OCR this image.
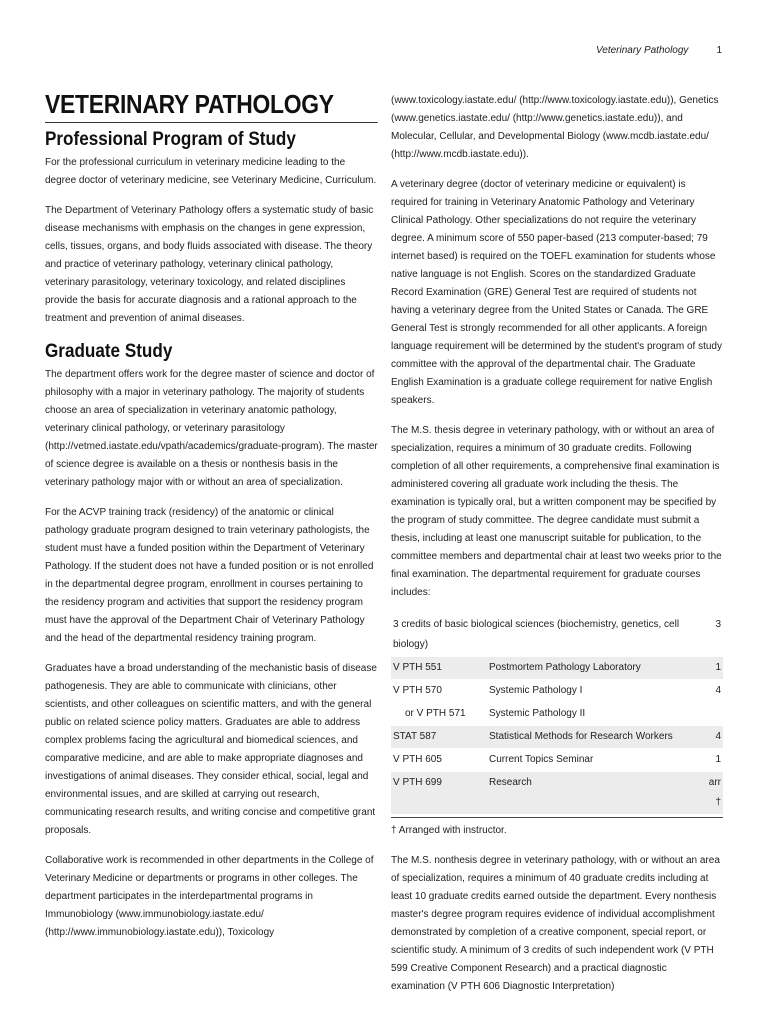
Veterinary Pathology	1
VETERINARY PATHOLOGY
Professional Program of Study

For the professional curriculum in veterinary medicine leading to the degree doctor of veterinary medicine, see Veterinary Medicine, Curriculum.

The Department of Veterinary Pathology offers a systematic study of basic disease mechanisms with emphasis on the changes in gene expression, cells, tissues, organs, and body fluids associated with disease. The theory and practice of veterinary pathology, veterinary clinical pathology, veterinary parasitology, veterinary toxicology, and related disciplines provide the basis for accurate diagnosis and a rational approach to the treatment and prevention of animal diseases.

Graduate Study

The department offers work for the degree master of science and doctor of philosophy with a major in veterinary pathology. The majority of students choose an area of specialization in veterinary anatomic pathology, veterinary clinical pathology, or veterinary parasitology (http://vetmed.iastate.edu/vpath/academics/graduate-program). The master of science degree is available on a thesis or nonthesis basis in the veterinary pathology major with or without an area of specialization.

For the ACVP training track (residency) of the anatomic or clinical pathology graduate program designed to train veterinary pathologists, the student must have a funded position within the Department of Veterinary Pathology. If the student does not have a funded position or is not enrolled in the departmental degree program, enrollment in courses pertaining to the residency program and activities that support the residency program must have the approval of the Department Chair of Veterinary Pathology and the head of the departmental residency training program.

Graduates have a broad understanding of the mechanistic basis of disease pathogenesis. They are able to communicate with clinicians, other scientists, and other colleagues on scientific matters, and with the general public on related science policy matters. Graduates are able to address complex problems facing the agricultural and biomedical sciences, and comparative medicine, and are able to make appropriate diagnoses and investigations of animal diseases. They consider ethical, social, legal and environmental issues, and are skilled at carrying out research, communicating research results, and writing concise and competitive grant proposals.

Collaborative work is recommended in other departments in the College of Veterinary Medicine or departments or programs in other colleges. The department participates in the interdepartmental programs in Immunobiology (www.immunobiology.iastate.edu/ (http://www.immunobiology.iastate.edu)), Toxicology

(www.toxicology.iastate.edu/ (http://www.toxicology.iastate.edu)), Genetics (www.genetics.iastate.edu/ (http://www.genetics.iastate.edu)), and Molecular, Cellular, and Developmental Biology (www.mcdb.iastate.edu/ (http://www.mcdb.iastate.edu)).

A veterinary degree (doctor of veterinary medicine or equivalent) is required for training in Veterinary Anatomic Pathology and Veterinary Clinical Pathology. Other specializations do not require the veterinary degree. A minimum score of 550 paper-based (213 computer-based; 79 internet based) is required on the TOEFL examination for students whose native language is not English. Scores on the standardized Graduate Record Examination (GRE) General Test are required of students not having a veterinary degree from the United States or Canada. The GRE General Test is strongly recommended for all other applicants. A foreign language requirement will be determined by the student's program of study committee with the approval of the departmental chair. The Graduate English Examination is a graduate college requirement for native English speakers.

The M.S. thesis degree in veterinary pathology, with or without an area of specialization, requires a minimum of 30 graduate credits. Following completion of all other requirements, a comprehensive final examination is administered covering all graduate work including the thesis. The examination is typically oral, but a written component may be specified by the program of study committee. The degree candidate must submit a thesis, including at least one manuscript suitable for publication, to the committee members and departmental chair at least two weeks prior to the final examination. The departmental requirement for graduate courses includes:

3 credits of basic biological sciences (biochemistry, genetics, cell biology)		3
V PTH 551	Postmortem Pathology Laboratory	1
V PTH 570	Systemic Pathology I	4
or V PTH 571	Systemic Pathology II	
STAT 587	Statistical Methods for Research Workers	4
V PTH 605	Current Topics Seminar	1
V PTH 699	Research	arr †

† Arranged with instructor.

The M.S. nonthesis degree in veterinary pathology, with or without an area of specialization, requires a minimum of 40 graduate credits including at least 10 graduate credits earned outside the department. Every nonthesis master's degree program requires evidence of individual accomplishment demonstrated by completion of a creative component, special report, or scientific study. A minimum of 3 credits of such independent work (V PTH 599 Creative Component Research) and a practical diagnostic examination (V PTH 606 Diagnostic Interpretation)
